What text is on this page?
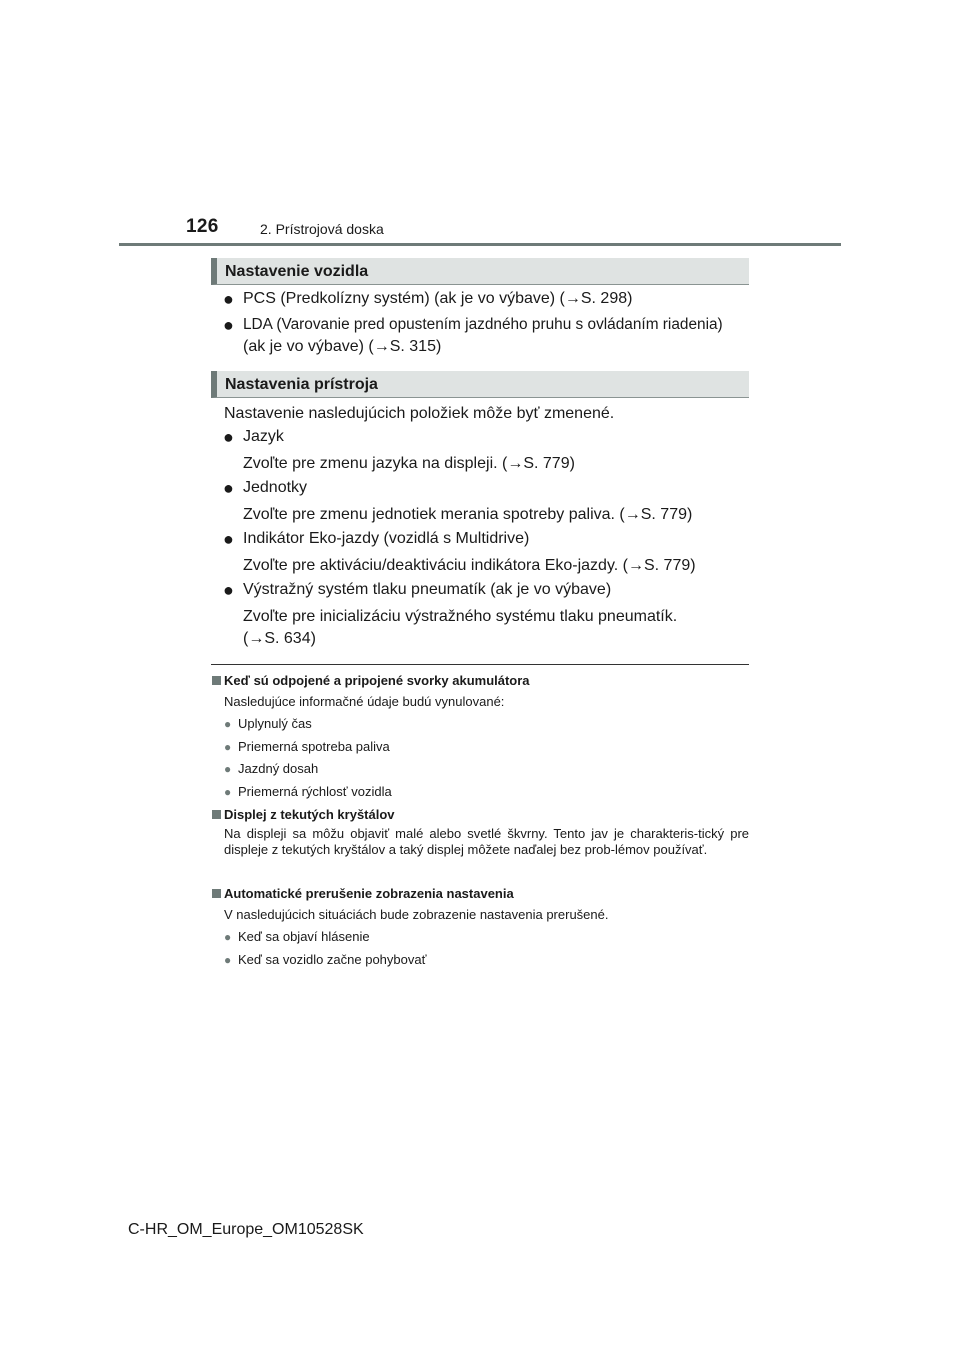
126	2. Prístrojová doska
Nastavenie vozidla
● PCS (Predkolízny systém) (ak je vo výbave) (→S. 298)
● LDA (Varovanie pred opustením jazdného pruhu s ovládaním riadenia)
(ak je vo výbave) (→S. 315)
Nastavenia prístroja
Nastavenie nasledujúcich položiek môže byť zmenené.
● Jazyk
Zvoľte pre zmenu jazyka na displeji. (→S. 779)
● Jednotky
Zvoľte pre zmenu jednotiek merania spotreby paliva. (→S. 779)
● Indikátor Eko-jazdy (vozidlá s Multidrive)
Zvoľte pre aktiváciu/deaktiváciu indikátora Eko-jazdy. (→S. 779)
● Výstražný systém tlaku pneumatík (ak je vo výbave)
Zvoľte pre inicializáciu výstražného systému tlaku pneumatík.
(→S. 634)
Keď sú odpojené a pripojené svorky akumulátora
Nasledujúce informačné údaje budú vynulované:
● Uplynulý čas
● Priemerná spotreba paliva
● Jazdný dosah
● Priemerná rýchlosť vozidla
Displej z tekutých kryštálov
Na displeji sa môžu objaviť malé alebo svetlé škvrny. Tento jav je charakteris-tický pre displeje z tekutých kryštálov a taký displej môžete naďalej bez prob-lémov používať.
Automatické prerušenie zobrazenia nastavenia
V nasledujúcich situáciách bude zobrazenie nastavenia prerušené.
● Keď sa objaví hlásenie
● Keď sa vozidlo začne pohybovať
C-HR_OM_Europe_OM10528SK
